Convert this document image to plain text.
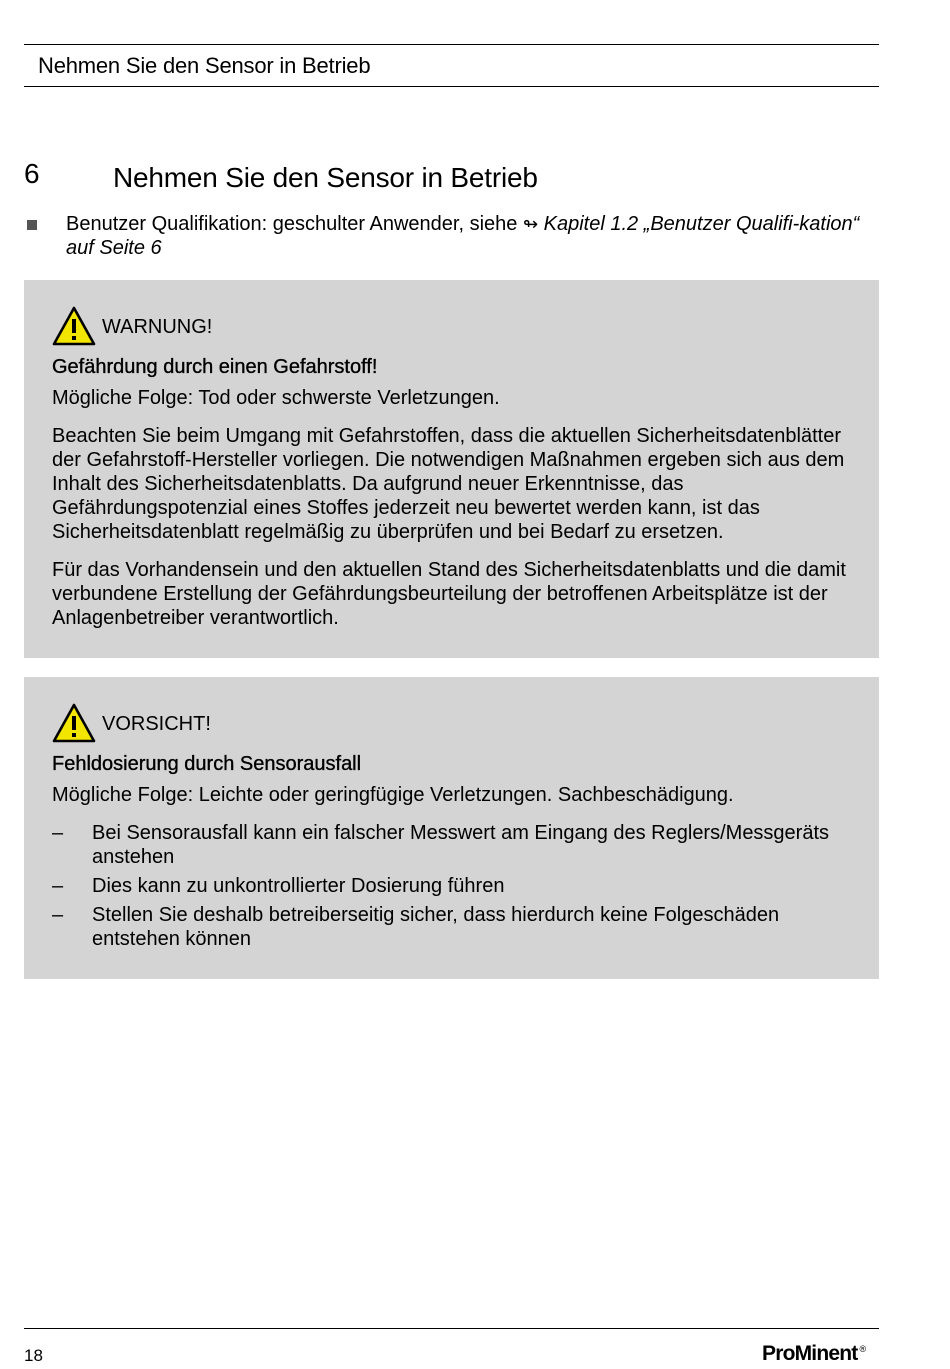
Nehmen Sie den Sensor in Betrieb
6	Nehmen Sie den Sensor in Betrieb
Benutzer Qualifikation: geschulter Anwender, siehe ↬ Kapitel 1.2 „Benutzer Qualifi-kation“ auf Seite 6
WARNUNG!

Gefährdung durch einen Gefahrstoff!

Mögliche Folge: Tod oder schwerste Verletzungen.

Beachten Sie beim Umgang mit Gefahrstoffen, dass die aktuellen Sicherheitsdatenblätter der Gefahrstoff-Hersteller vorliegen. Die notwendigen Maßnahmen ergeben sich aus dem Inhalt des Sicherheitsdatenblatts. Da aufgrund neuer Erkenntnisse, das Gefährdungspotenzial eines Stoffes jederzeit neu bewertet werden kann, ist das Sicherheitsdatenblatt regelmäßig zu überprüfen und bei Bedarf zu ersetzen.

Für das Vorhandensein und den aktuellen Stand des Sicherheitsdatenblatts und die damit verbundene Erstellung der Gefährdungsbeurteilung der betroffenen Arbeitsplätze ist der Anlagenbetreiber verantwortlich.

VORSICHT!

Fehldosierung durch Sensorausfall

Mögliche Folge: Leichte oder geringfügige Verletzungen. Sachbeschädigung.

– Bei Sensorausfall kann ein falscher Messwert am Eingang des Reglers/Messgeräts anstehen
– Dies kann zu unkontrollierter Dosierung führen
– Stellen Sie deshalb betreiberseitig sicher, dass hierdurch keine Folgeschäden entstehen können
18	ProMinent ®
